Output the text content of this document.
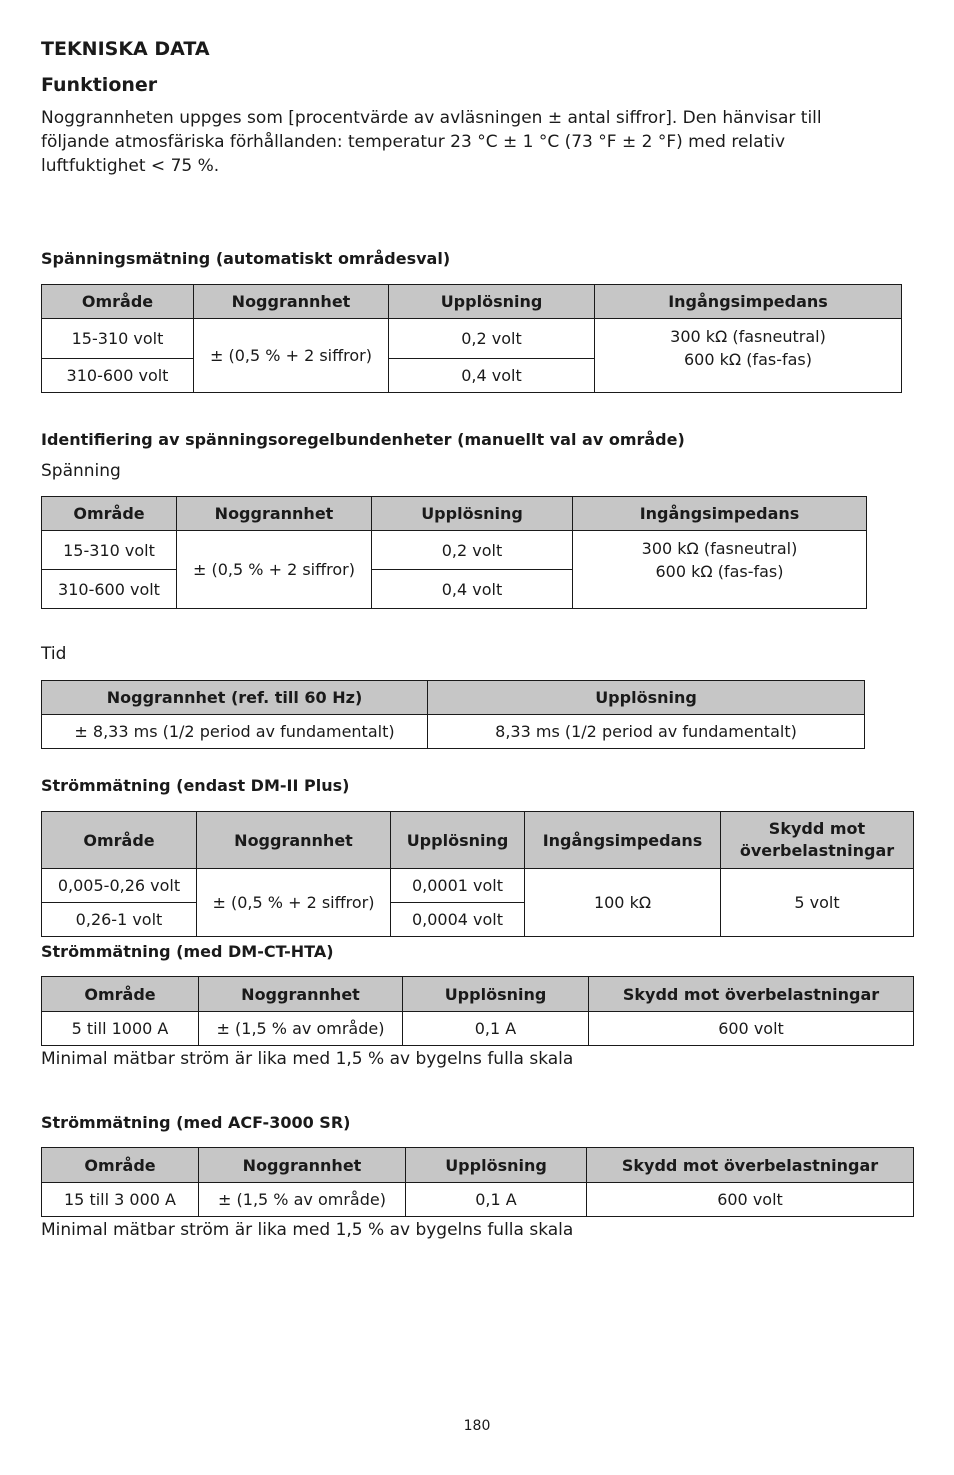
TEKNISKA DATA
Funktioner
Noggrannheten uppges som [procentvärde av avläsningen ± antal siffror]. Den hänvisar till följande atmosfäriska förhållanden: temperatur 23 °C ± 1 °C (73 °F ± 2 °F) med relativ luftfuktighet < 75 %.
Spänningsmätning (automatiskt områdesval)
Område	Noggrannhet	Upplösning	Ingångsimpedans
15-310 volt	± (0,5 % + 2 siffror)	0,2 volt	300 kΩ (fasneutral)
600 kΩ (fas-fas)

310-600 volt		0,4 volt	
Identifiering av spänningsoregelbundenheter (manuellt val av område)
Spänning
Område	Noggrannhet	Upplösning	Ingångsimpedans
15-310 volt	± (0,5 % + 2 siffror)	0,2 volt	300 kΩ (fasneutral)
600 kΩ (fas-fas)

310-600 volt		0,4 volt	
Tid
Noggrannhet (ref. till 60 Hz)	Upplösning
± 8,33 ms (1/2 period av fundamentalt)	8,33 ms (1/2 period av fundamentalt)
Strömmätning (endast DM-II Plus)
Område	Noggrannhet	Upplösning	Ingångsimpedans	Skydd mot överbelastningar
0,005-0,26 volt	± (0,5 % + 2 siffror)	0,0001 volt	100 kΩ	5 volt
0,26-1 volt		0,0004 volt		
Strömmätning (med DM-CT-HTA)
Område	Noggrannhet	Upplösning	Skydd mot överbelastningar
5 till 1000 A	± (1,5 % av område)	0,1 A	600 volt
Minimal mätbar ström är lika med 1,5 % av bygelns fulla skala
Strömmätning (med ACF-3000 SR)
Område	Noggrannhet	Upplösning	Skydd mot överbelastningar
15 till 3 000 A	± (1,5 % av område)	0,1 A	600 volt
Minimal mätbar ström är lika med 1,5 % av bygelns fulla skala
180
